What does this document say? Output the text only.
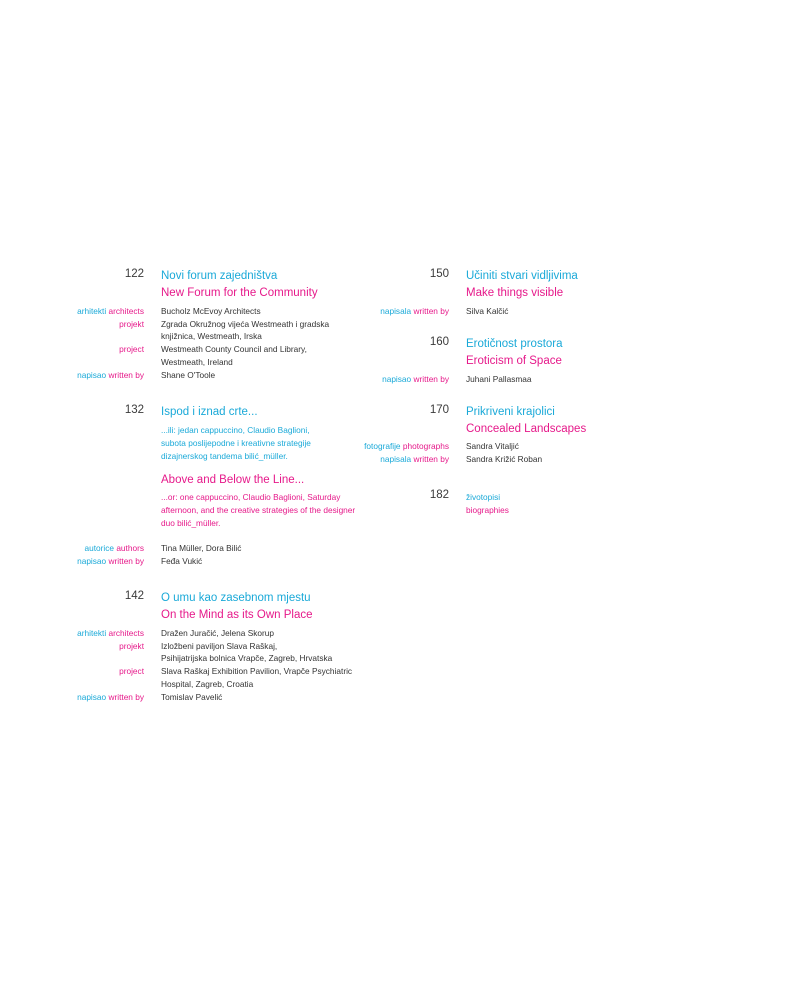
122 Novi forum zajedništva
New Forum for the Community
arhitekti architects
projekt
project
napisao written by
Bucholz McEvoy Architects
Zgrada Okružnog vijeća Westmeath i gradska
knjižnica, Westmeath, Irska
Westmeath County Council and Library,
Westmeath, Ireland
Shane O'Toole
132 Ispod i iznad crte...
...ili: jedan cappuccino, Claudio Baglioni,
subota poslijepodne i kreativne strategije
dizajnerskog tandema bilić_müller.
Above and Below the Line...
...or: one cappuccino, Claudio Baglioni, Saturday
afternoon, and the creative strategies of the designer
duo bilić_müller.
autorice authors
napisao written by
Tina Müller, Dora Bilić
Feđa Vukić
142 O umu kao zasebnom mjestu
On the Mind as its Own Place
arhitekti architects
projekt
project
napisao written by
Dražen Juračić, Jelena Skorup
Izložbeni paviljon Slava Raškaj,
Psihijatrijska bolnica Vrapče, Zagreb, Hrvatska
Slava Raškaj Exhibition Pavilion, Vrapče Psychiatric
Hospital, Zagreb, Croatia
Tomislav Pavelić
150 Učiniti stvari vidljivima
Make things visible
napisala written by Silva Kalčić
160 Erotičnost prostora
Eroticism of Space
napisao written by Juhani Pallasmaa
170 Prikriveni krajolici
Concealed Landscapes
fotografije photographs
napisala written by
Sandra Vitaljić
Sandra Križić Roban
182 životopisi
biographies
